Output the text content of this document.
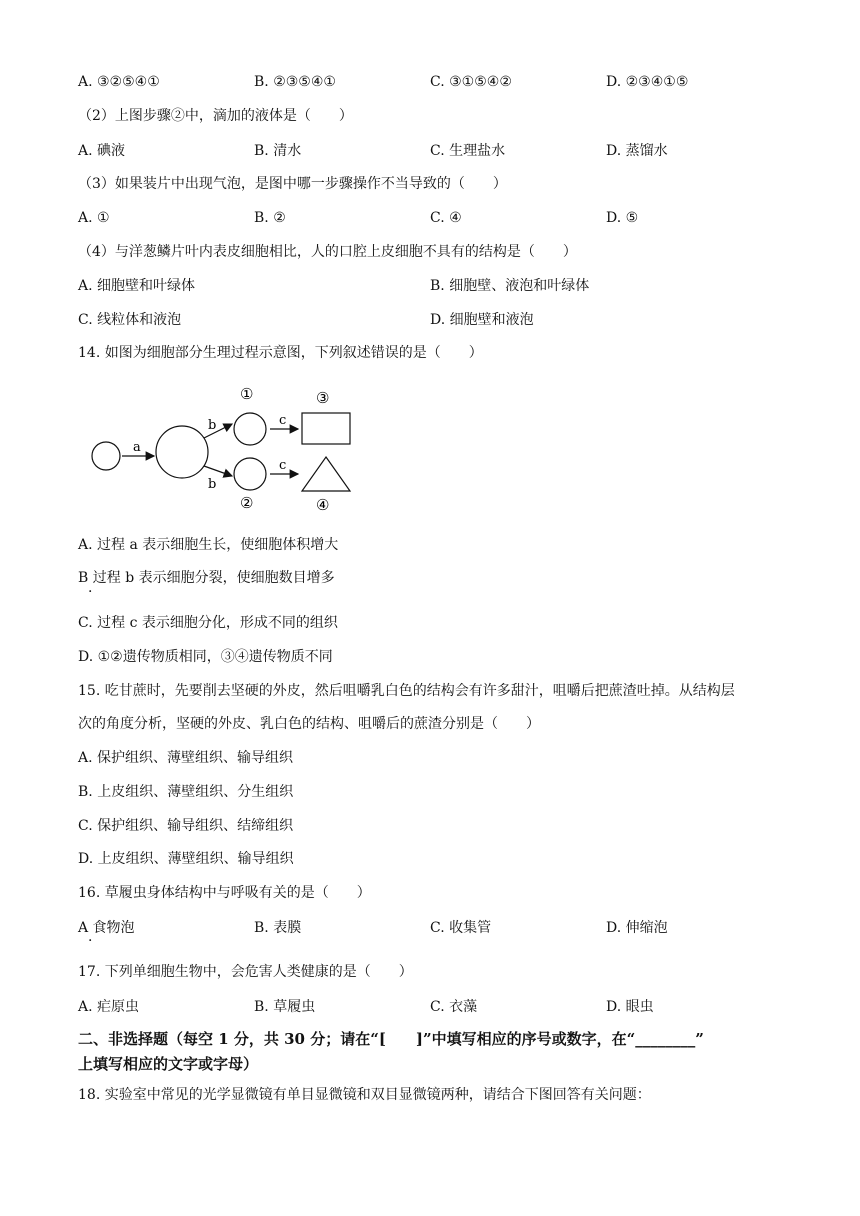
A. ③②⑤④①	B. ②③⑤④①	C. ③①⑤④②	D. ②③④①⑤
（2）上图步骤②中，滴加的液体是（　　）
A. 碘液	B. 清水	C. 生理盐水	D. 蒸馏水
（3）如果装片中出现气泡，是图中哪一步骤操作不当导致的（　　）
A. ①	B. ②	C. ④	D. ⑤
（4）与洋葱鳞片叶内表皮细胞相比，人的口腔上皮细胞不具有的结构是（　　）
A. 细胞壁和叶绿体	B. 细胞壁、液泡和叶绿体
C. 线粒体和液泡	D. 细胞壁和液泡
14. 如图为细胞部分生理过程示意图，下列叙述错误的是（　　）
a
b
b
①
②
c
c
③
④
A. 过程 a 表示细胞生长，使细胞体积增大
B 过程 b 表示细胞分裂，使细胞数目增多
·
C. 过程 c 表示细胞分化，形成不同的组织
D. ①②遗传物质相同，③④遗传物质不同
15. 吃甘蔗时，先要削去坚硬的外皮，然后咀嚼乳白色的结构会有许多甜汁，咀嚼后把蔗渣吐掉。从结构层
次的角度分析，坚硬的外皮、乳白色的结构、咀嚼后的蔗渣分别是（　　）
A. 保护组织、薄壁组织、输导组织
B. 上皮组织、薄壁组织、分生组织
C. 保护组织、输导组织、结缔组织
D. 上皮组织、薄壁组织、输导组织
16. 草履虫身体结构中与呼吸有关的是（　　）
A 食物泡
·
B. 表膜	C. 收集管	D. 伸缩泡
17. 下列单细胞生物中，会危害人类健康的是（　　）
A. 疟原虫	B. 草履虫	C. 衣藻	D. 眼虫
二、非选择题（每空 1 分，共 30 分；请在“[　　]”中填写相应的序号或数字，在“________”
上填写相应的文字或字母）
18. 实验室中常见的光学显微镜有单目显微镜和双目显微镜两种，请结合下图回答有关问题：
